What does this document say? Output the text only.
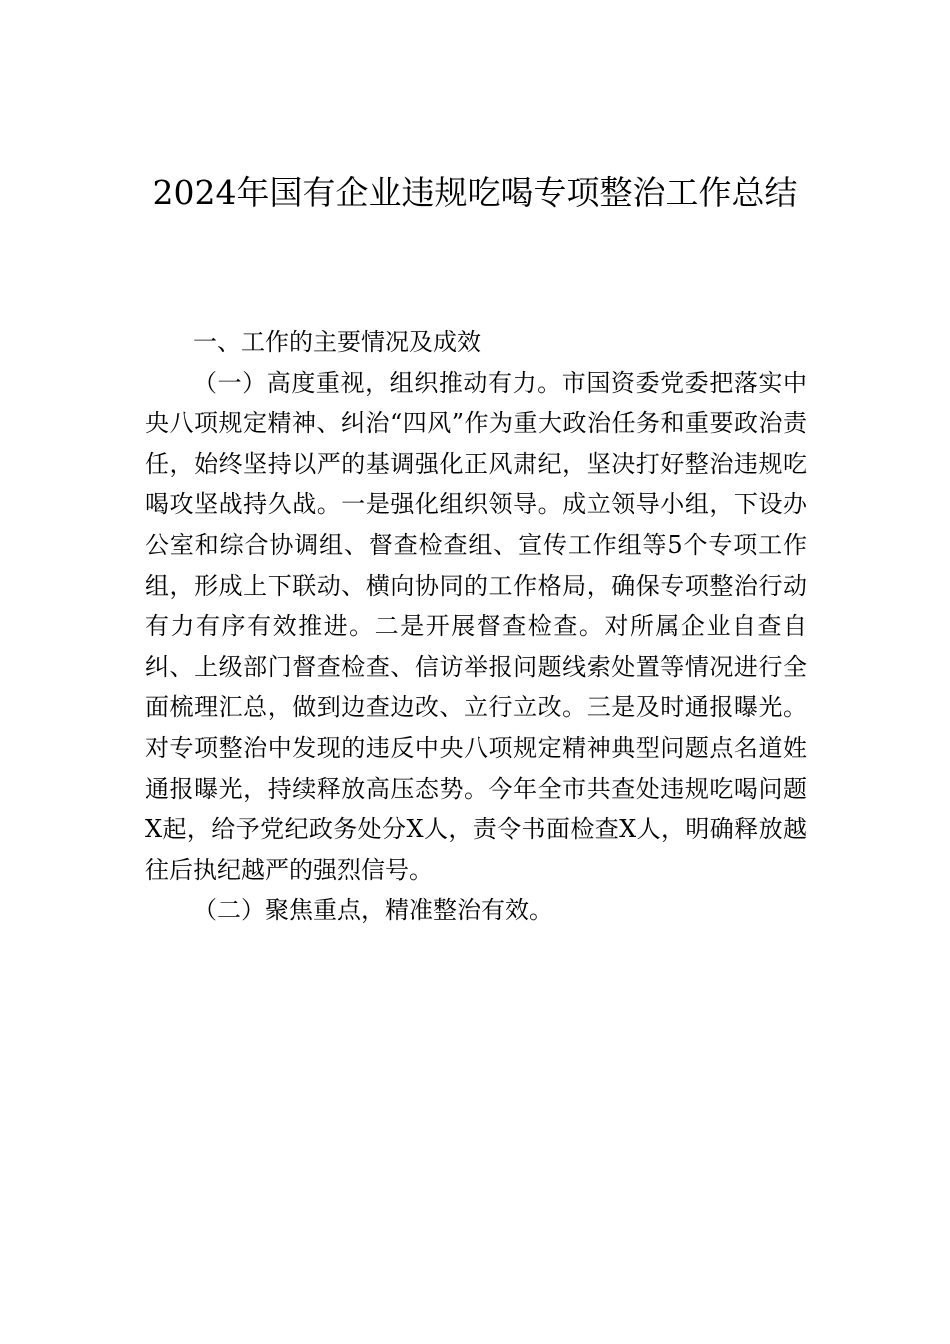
2024年国有企业违规吃喝专项整治工作总结

一、工作的主要情况及成效

（一）高度重视，组织推动有力。市国资委党委把落实中央八项规定精神、纠治“四风”作为重大政治任务和重要政治责任，始终坚持以严的基调强化正风肃纪，坚决打好整治违规吃喝攻坚战持久战。一是强化组织领导。成立领导小组，下设办公室和综合协调组、督查检查组、宣传工作组等5个专项工作组，形成上下联动、横向协同的工作格局，确保专项整治行动有力有序有效推进。二是开展督查检查。对所属企业自查自纠、上级部门督查检查、信访举报问题线索处置等情况进行全面梳理汇总，做到边查边改、立行立改。三是及时通报曝光。对专项整治中发现的违反中央八项规定精神典型问题点名道姓通报曝光，持续释放高压态势。今年全市共查处违规吃喝问题X起，给予党纪政务处分X人，责令书面检查X人，明确释放越往后执纪越严的强烈信号。

（二）聚焦重点，精准整治有效。
